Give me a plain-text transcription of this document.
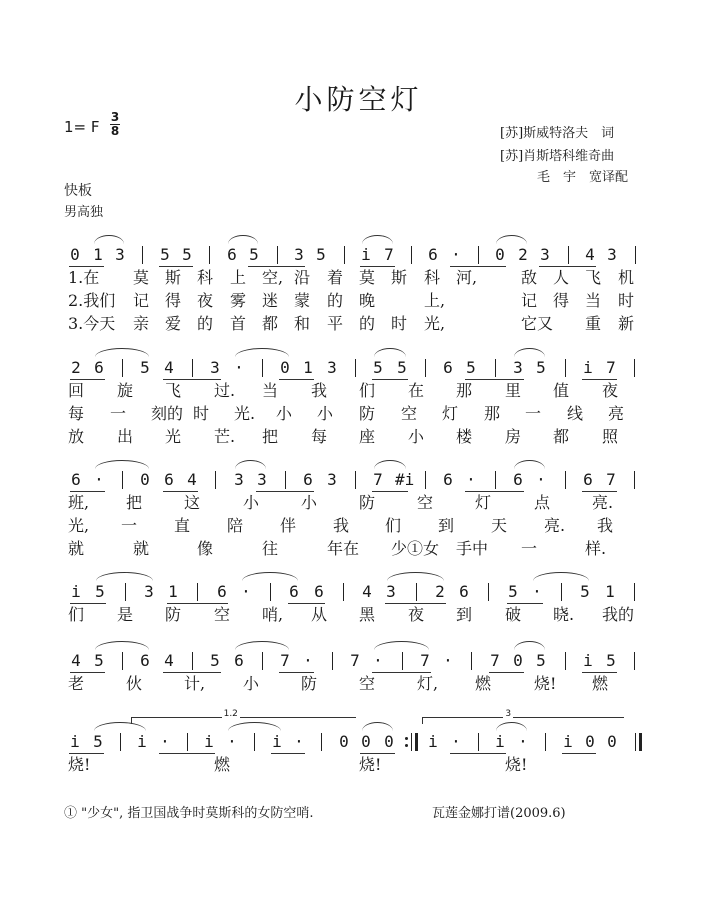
小防空灯
1= F
3
8	[苏]斯威特洛夫　词
[苏]肖斯塔科维奇曲
毛　宇　宽译配
快板
男高独
0 1 3 5 5 6 5 3 5 i 7 6 · 0 2 3 4 3
1.在 莫 斯 科 上 空, 沿 着 莫 斯 科 河,	敌 人 飞 机
2.我们 记 得 夜 雾 迷 蒙 的 晚	上,	记 得 当 时
3.今天 亲 爱 的 首 都 和 平 的 时 光,	它又 重 新
2 6 5 4 3 · 0 1 3 5 5 6 5 3 5 i 7
回 旋 飞 过. 当 我 们 在 那 里 值 夜
每 一 刻的 时 光. 小 小 防 空 灯 那 一 线 亮
放 出 光 芒. 把 每 座 小 楼 房 都 照
6 · 0 6 4 3 3 6 3 7 #i 6 · 6 · 6 7
班, 把	这	小	小	防	空	灯	点	亮.
光, 一 直 陪 伴 我 们 到 天 亮. 我
就	就	像	往	年在 少①女 手中 一	样.
i 5 3 1 6 · 6 6 4 3 2 6 5 · 5 1
们 是 防 空 哨, 从 黑 夜 到 破 晓. 我的
4 5 6 4 5 6 7 · 7 · 7 · 7 0 5 i 5
老	伙	计, 小	防	空	灯, 燃	烧! 燃
i 5 i · i · i · 0 0 0 i · i · i 0 0
1.2	3
烧!	燃	烧!	烧!
① "少女", 指卫国战争时莫斯科的女防空哨.	瓦莲金娜打谱(2009.6)
